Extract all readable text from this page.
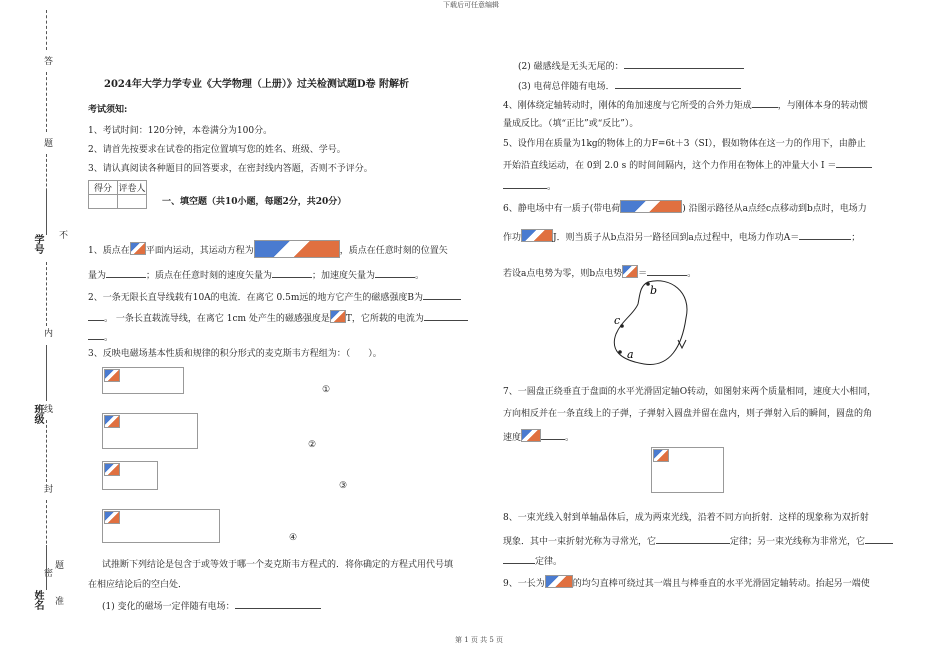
下载后可任意编辑
第 1 页 共 5 页
答
题
不
学号
内
班级 线
封
密
姓名 准
题
2024年大学力学专业《大学物理（上册）》过关检测试题D卷 附解析
考试须知:
1、考试时间：120分钟，本卷满分为100分。
2、请首先按要求在试卷的指定位置填写您的姓名、班级、学号。
3、请认真阅读各种题目的回答要求，在密封线内答题，否则不予评分。
得分	评卷人

一、填空题（共10小题，每题2分，共20分）
1、质点在 平面内运动，其运动方程为	，质点在任意时刻的位置矢
量为	；质点在任意时刻的速度矢量为	；加速度矢量为	。
2、一条无限长直导线载有10A的电流．在离它 0.5m远的地方它产生的磁感强度B为
。 一条长直载流导线，在离它 1cm 处产生的磁感强度是 T，它所载的电流为
。
3、反映电磁场基本性质和规律的积分形式的麦克斯韦方程组为：（　　）。
①
②
③
④
试推断下列结论是包含于或等效于哪一个麦克斯韦方程式的．将你确定的方程式用代号填
在相应结论后的空白处．
(1) 变化的磁场一定伴随有电场：
(2) 磁感线是无头无尾的：
(3) 电荷总伴随有电场．
4、刚体绕定轴转动时，刚体的角加速度与它所受的合外力矩成	，与刚体本身的转动惯
量成反比。（填“正比”或“反比”）。
5、设作用在质量为1kg的物体上的力F=6t＋3（SI），假如物体在这一力的作用下，由静止
开始沿直线运动，在 0到 2.0 s 的时间间隔内，这个力作用在物体上的冲量大小 I ＝
。
6、静电场中有一质子(带电荷	) 沿图示路径从a点经c点移动到b点时，电场力
作功	J．则当质子从b点沿另一路径回到a点过程中，电场力作功A＝	；
若设a点电势为零，则b点电势 ＝	。
b
c
a
7、一圆盘正绕垂直于盘面的水平光滑固定轴O转动，如图射来两个质量相同，速度大小相同，
方向相反并在一条直线上的子弹，子弹射入圆盘并留在盘内，则子弹射入后的瞬间，圆盘的角
速度	。
8、一束光线入射到单轴晶体后，成为两束光线，沿着不同方向折射．这样的现象称为双折射
现象．其中一束折射光称为寻常光，它	定律；另一束光线称为非常光，它
定律。
9、一长为	的均匀直棒可绕过其一端且与棒垂直的水平光滑固定轴转动。抬起另一端使
